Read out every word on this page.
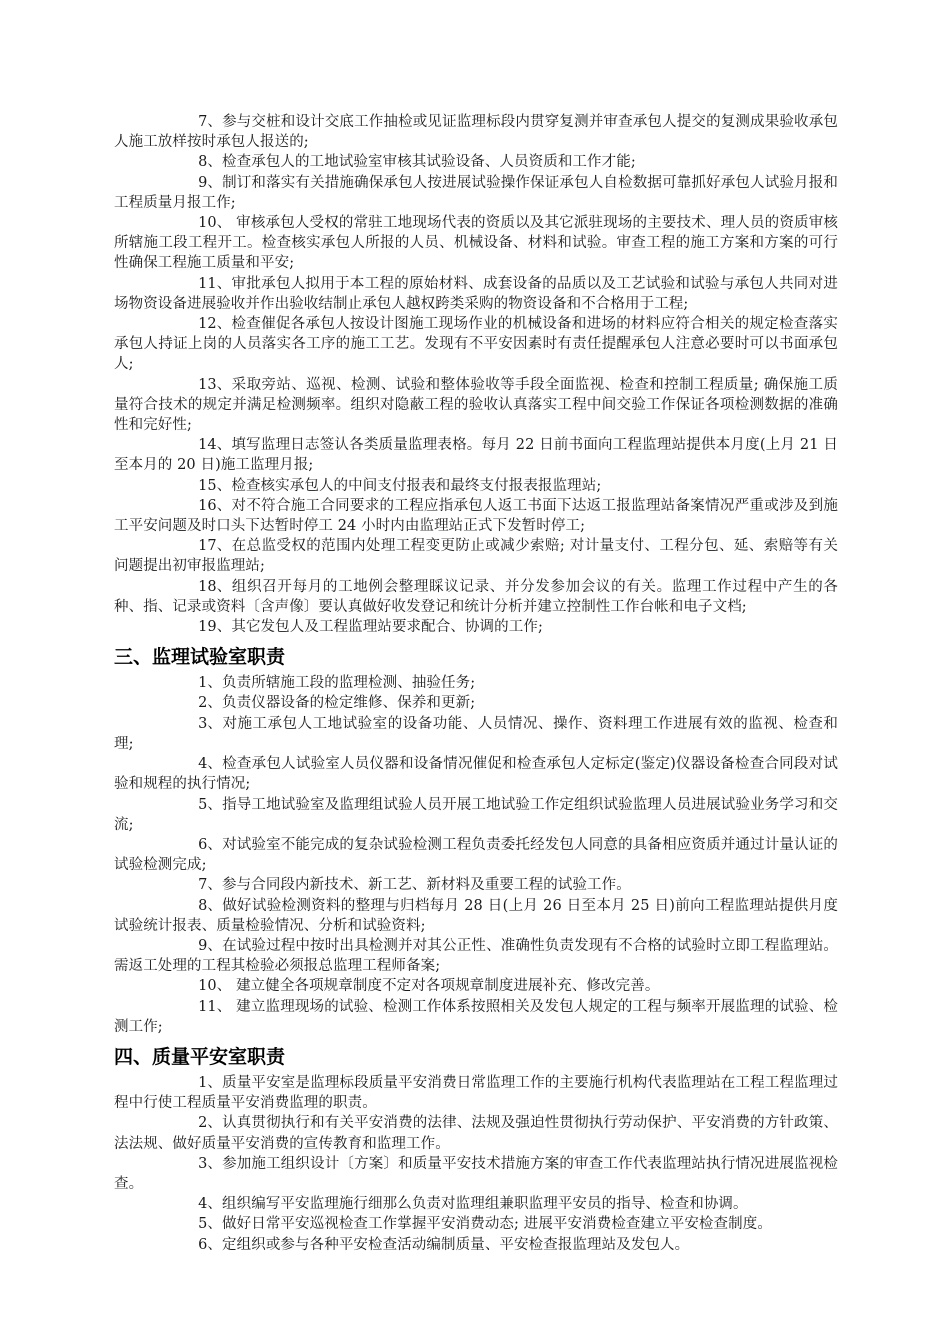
7、参与交桩和设计交底工作抽检或见证监理标段内贯穿复测并审查承包人提交的复测成果验收承包人施工放样按时承包人报送的;

8、检查承包人的工地试验室审核其试验设备、人员资质和工作才能;

9、制订和落实有关措施确保承包人按进展试验操作保证承包人自检数据可靠抓好承包人试验月报和工程质量月报工作;

10、 审核承包人受权的常驻工地现场代表的资质以及其它派驻现场的主要技术、理人员的资质审核所辖施工段工程开工。检查核实承包人所报的人员、机械设备、材料和试验。审查工程的施工方案和方案的可行性确保工程施工质量和平安;

11、审批承包人拟用于本工程的原始材料、成套设备的品质以及工艺试验和试验与承包人共同对进场物资设备进展验收并作出验收结制止承包人越权跨类采购的物资设备和不合格用于工程;

12、检查催促各承包人按设计图施工现场作业的机械设备和进场的材料应符合相关的规定检查落实承包人持证上岗的人员落实各工序的施工工艺。发现有不平安因素时有责任提醒承包人注意必要时可以书面承包人;

13、采取旁站、巡视、检测、试验和整体验收等手段全面监视、检查和控制工程质量; 确保施工质量符合技术的规定并满足检测频率。组织对隐蔽工程的验收认真落实工程中间交验工作保证各项检测数据的准确性和完好性;

14、填写监理日志签认各类质量监理表格。每月 22 日前书面向工程监理站提供本月度(上月 21 日至本月的 20 日)施工监理月报;

15、检查核实承包人的中间支付报表和最终支付报表报监理站;

16、对不符合施工合同要求的工程应指承包人返工书面下达返工报监理站备案情况严重或涉及到施工平安问题及时口头下达暂时停工 24 小时内由监理站正式下发暂时停工;

17、在总监受权的范围内处理工程变更防止或减少索赔; 对计量支付、工程分包、延、索赔等有关问题提出初审报监理站;

18、组织召开每月的工地例会整理睬议记录、并分发参加会议的有关。监理工作过程中产生的各种、指、记录或资料〔含声像〕要认真做好收发登记和统计分析并建立控制性工作台帐和电子文档;

19、其它发包人及工程监理站要求配合、协调的工作;

三、监理试验室职责

1、负责所辖施工段的监理检测、抽验任务;

2、负责仪器设备的检定维修、保养和更新;

3、对施工承包人工地试验室的设备功能、人员情况、操作、资料理工作进展有效的监视、检查和理;

4、检查承包人试验室人员仪器和设备情况催促和检查承包人定标定(鉴定)仪器设备检查合同段对试验和规程的执行情况;

5、指导工地试验室及监理组试验人员开展工地试验工作定组织试验监理人员进展试验业务学习和交流;

6、对试验室不能完成的复杂试验检测工程负责委托经发包人同意的具备相应资质并通过计量认证的试验检测完成;

7、参与合同段内新技术、新工艺、新材料及重要工程的试验工作。

8、做好试验检测资料的整理与归档每月 28 日(上月 26 日至本月 25 日)前向工程监理站提供月度试验统计报表、质量检验情况、分析和试验资料;

9、在试验过程中按时出具检测并对其公正性、准确性负责发现有不合格的试验时立即工程监理站。需返工处理的工程其检验必须报总监理工程师备案;

10、 建立健全各项规章制度不定对各项规章制度进展补充、修改完善。

11、 建立监理现场的试验、检测工作体系按照相关及发包人规定的工程与频率开展监理的试验、检测工作;

四、质量平安室职责

1、质量平安室是监理标段质量平安消费日常监理工作的主要施行机构代表监理站在工程工程监理过程中行使工程质量平安消费监理的职责。

2、认真贯彻执行和有关平安消费的法律、法规及强迫性贯彻执行劳动保护、平安消费的方针政策、法法规、做好质量平安消费的宣传教育和监理工作。

3、参加施工组织设计〔方案〕和质量平安技术措施方案的审查工作代表监理站执行情况进展监视检查。

4、组织编写平安监理施行细那么负责对监理组兼职监理平安员的指导、检查和协调。

5、做好日常平安巡视检查工作掌握平安消费动态; 进展平安消费检查建立平安检查制度。

6、定组织或参与各种平安检查活动编制质量、平安检查报监理站及发包人。
